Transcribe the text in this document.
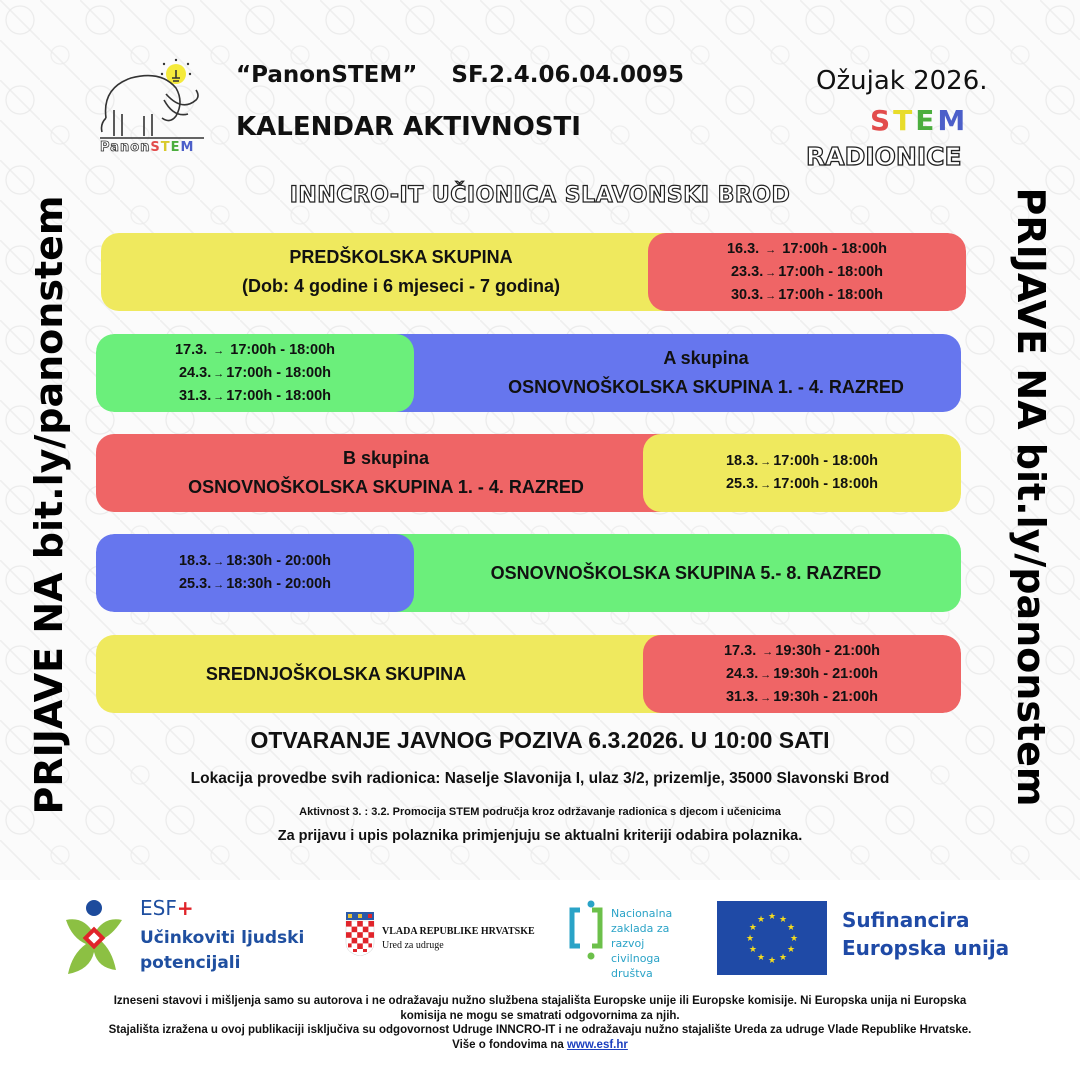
PanonSTEM
“PanonSTEM” SF.2.4.06.04.0095
KALENDAR AKTIVNOSTI
Ožujak 2026.
STEM
RADIONICE
INNCRO-IT UČIONICA SLAVONSKI BROD
PRIJAVE NA bit.ly/panonstem	PRIJAVE NA bit.ly/panonstem
PREDŠKOLSKA SKUPINA
(Dob: 4 godine i 6 mjeseci - 7 godina)
16.3. → 17:00h - 18:00h
23.3. → 17:00h - 18:00h
30.3. → 17:00h - 18:00h
A skupina
OSNOVNOŠKOLSKA SKUPINA 1. - 4. RAZRED
17.3. → 17:00h - 18:00h
24.3. → 17:00h - 18:00h
31.3. → 17:00h - 18:00h
B skupina
OSNOVNOŠKOLSKA SKUPINA 1. - 4. RAZRED
18.3. → 17:00h - 18:00h
25.3. → 17:00h - 18:00h
OSNOVNOŠKOLSKA SKUPINA 5.- 8. RAZRED
18.3. → 18:30h - 20:00h
25.3. → 18:30h - 20:00h
SREDNJOŠKOLSKA SKUPINA
17.3. → 19:30h - 21:00h
24.3. → 19:30h - 21:00h
31.3. → 19:30h - 21:00h
OTVARANJE JAVNOG POZIVA 6.3.2026. U 10:00 SATI
Lokacija provedbe svih radionica: Naselje Slavonija I, ulaz 3/2, prizemlje, 35000 Slavonski Brod
Aktivnost 3. : 3.2. Promocija STEM područja kroz održavanje radionica s djecom i učenicima
Za prijavu i upis polaznika primjenjuju se aktualni kriteriji odabira polaznika.
ESF+
Učinkoviti ljudski
potencijali
VLADA REPUBLIKE HRVATSKE
Ured za udruge
Nacionalna
zaklada za
razvoj
civilnoga
društva
★ ★
★
★
★
★
★
★
★
★
★
★	Sufinancira
Europska unija
Izneseni stavovi i mišljenja samo su autorova i ne odražavaju nužno službena stajališta Europske unije ili Europske komisije. Ni Europska unija ni Europska
komisija ne mogu se smatrati odgovornima za njih.
Stajališta izražena u ovoj publikaciji isključiva su odgovornost Udruge INNCRO-IT i ne odražavaju nužno stajalište Ureda za udruge Vlade Republike Hrvatske.
Više o fondovima na www.esf.hr
